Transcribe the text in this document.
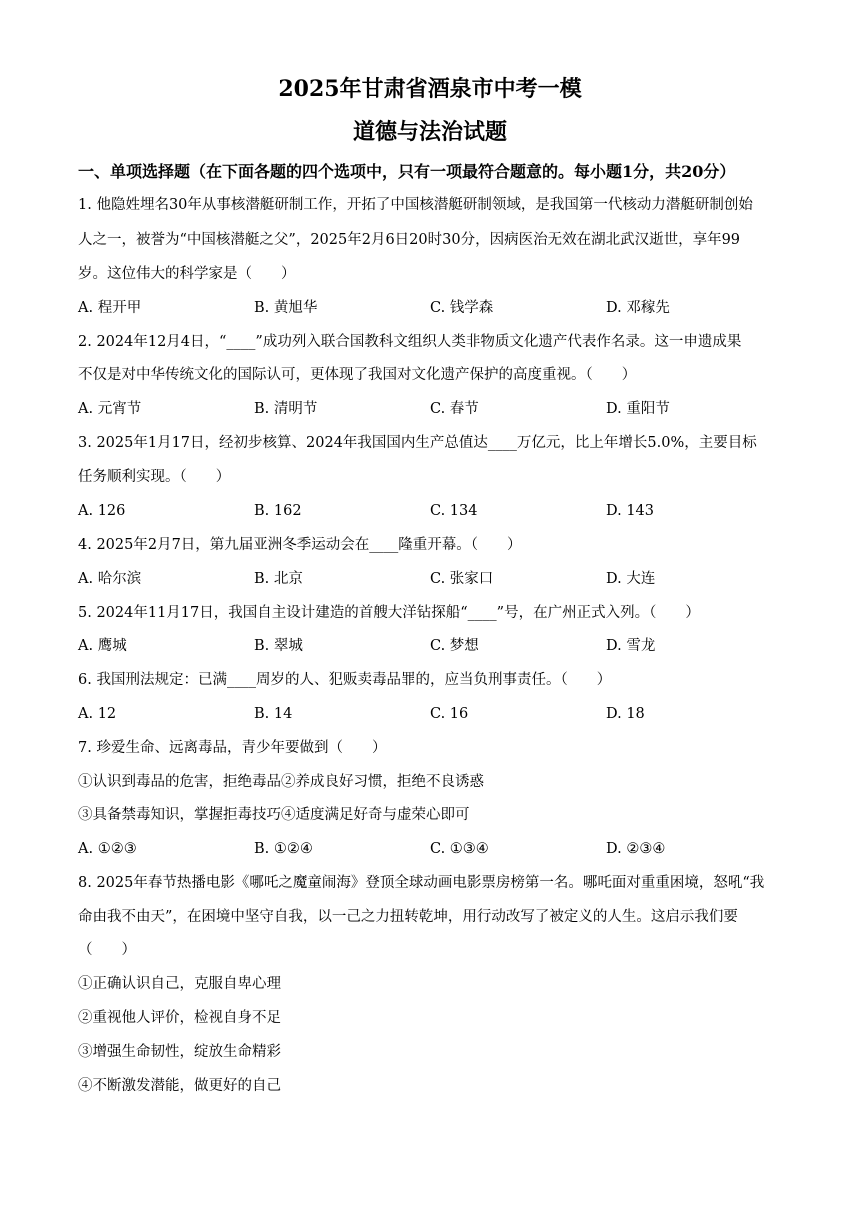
2025年甘肃省酒泉市中考一模
道德与法治试题
一、单项选择题（在下面各题的四个选项中，只有一项最符合题意的。每小题1分，共20分）
1. 他隐姓埋名30年从事核潜艇研制工作，开拓了中国核潜艇研制领域，是我国第一代核动力潜艇研制创始
人之一，被誉为“中国核潜艇之父”，2025年2月6日20时30分，因病医治无效在湖北武汉逝世，享年99
岁。这位伟大的科学家是（　　）
A. 程开甲	B. 黄旭华	C. 钱学森	D. 邓稼先
2. 2024年12月4日，“____”成功列入联合国教科文组织人类非物质文化遗产代表作名录。这一申遗成果
不仅是对中华传统文化的国际认可，更体现了我国对文化遗产保护的高度重视。（　　）
A. 元宵节	B. 清明节	C. 春节	D. 重阳节
3. 2025年1月17日，经初步核算、2024年我国国内生产总值达____万亿元，比上年增长5.0%，主要目标
任务顺利实现。（　　）
A. 126	B. 162	C. 134	D. 143
4. 2025年2月7日，第九届亚洲冬季运动会在____隆重开幕。（　　）
A. 哈尔滨	B. 北京	C. 张家口	D. 大连
5. 2024年11月17日，我国自主设计建造的首艘大洋钻探船“____”号，在广州正式入列。（　　）
A. 鹰城	B. 翠城	C. 梦想	D. 雪龙
6. 我国刑法规定：已满____周岁的人、犯贩卖毒品罪的，应当负刑事责任。（　　）
A. 12	B. 14	C. 16	D. 18
7. 珍爱生命、远离毒品，青少年要做到（　　）
①认识到毒品的危害，拒绝毒品②养成良好习惯，拒绝不良诱惑
③具备禁毒知识，掌握拒毒技巧④适度满足好奇与虚荣心即可
A. ①②③	B. ①②④	C. ①③④	D. ②③④
8. 2025年春节热播电影《哪吒之魔童闹海》登顶全球动画电影票房榜第一名。哪吒面对重重困境，怒吼“我
命由我不由天”，在困境中坚守自我，以一己之力扭转乾坤，用行动改写了被定义的人生。这启示我们要
（　　）
①正确认识自己，克服自卑心理
②重视他人评价，检视自身不足
③增强生命韧性，绽放生命精彩
④不断激发潜能，做更好的自己
